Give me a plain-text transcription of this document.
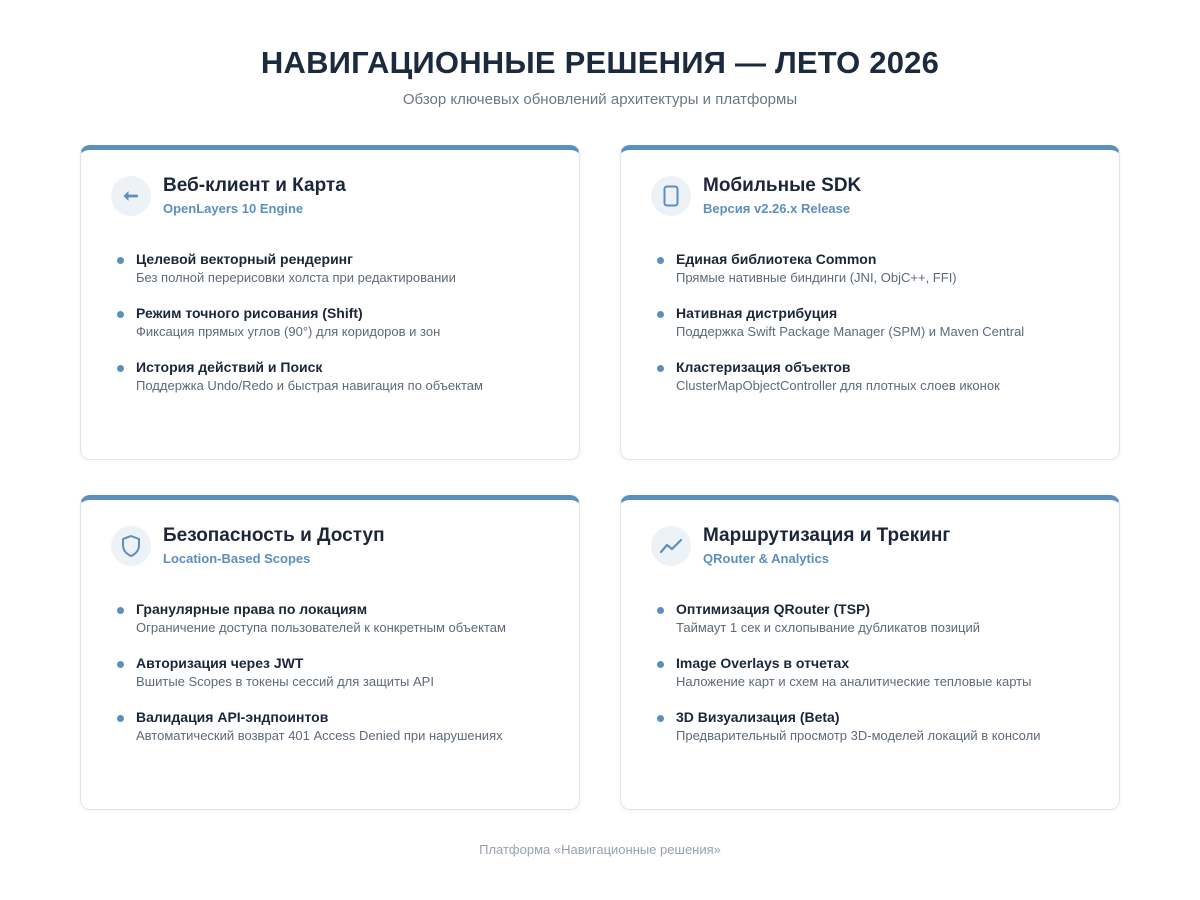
НАВИГАЦИОННЫЕ РЕШЕНИЯ — ЛЕТО 2026
Обзор ключевых обновлений архитектуры и платформы
Веб-клиент и Карта
OpenLayers 10 Engine
Целевой векторный рендеринг
Без полной перерисовки холста при редактировании
Режим точного рисования (Shift)
Фиксация прямых углов (90°) для коридоров и зон
История действий и Поиск
Поддержка Undo/Redo и быстрая навигация по объектам
Мобильные SDK
Версия v2.26.x Release
Единая библиотека Common
Прямые нативные биндинги (JNI, ObjC++, FFI)
Нативная дистрибуция
Поддержка Swift Package Manager (SPM) и Maven Central
Кластеризация объектов
ClusterMapObjectController для плотных слоев иконок
Безопасность и Доступ
Location-Based Scopes
Гранулярные права по локациям
Ограничение доступа пользователей к конкретным объектам
Авторизация через JWT
Вшитые Scopes в токены сессий для защиты API
Валидация API-эндпоинтов
Автоматический возврат 401 Access Denied при нарушениях
Маршрутизация и Трекинг
QRouter & Analytics
Оптимизация QRouter (TSP)
Таймаут 1 сек и схлопывание дубликатов позиций
Image Overlays в отчетах
Наложение карт и схем на аналитические тепловые карты
3D Визуализация (Beta)
Предварительный просмотр 3D-моделей локаций в консоли
Платформа «Навигационные решения»
